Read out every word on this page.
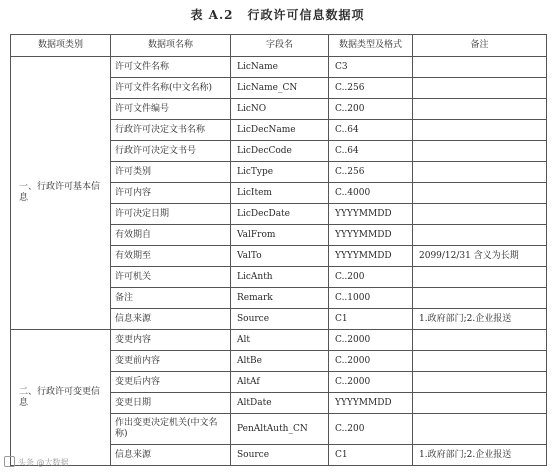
表 A.2 行政许可信息数据项
数据项类别	数据项名称	字段名	数据类型及格式	备注
一、行政许可基本信息	许可文件名称	LicName	C3	
	许可文件名称(中文名称)	LicName_CN	C..256	
	许可文件编号	LicNO	C..200	
	行政许可决定文书名称	LicDecName	C..64	
	行政许可决定文书号	LicDecCode	C..64	
	许可类别	LicType	C..256	
	许可内容	LicItem	C..4000	
	许可决定日期	LicDecDate	YYYYMMDD	
	有效期自	ValFrom	YYYYMMDD	
	有效期至	ValTo	YYYYMMDD	2099/12/31 含义为长期
	许可机关	LicAnth	C..200	
	备注	Remark	C..1000	
	信息来源	Source	C1	1.政府部门;2.企业报送
二、行政许可变更信息	变更内容	Alt	C..2000	
	变更前内容	AltBe	C..2000	
	变更后内容	AltAf	C..2000	
	变更日期	AltDate	YYYYMMDD	
	作出变更决定机关(中文名称)	PenAltAuth_CN	C..200	
	信息来源	Source	C1	1.政府部门;2.企业报送
头条 @大数据
